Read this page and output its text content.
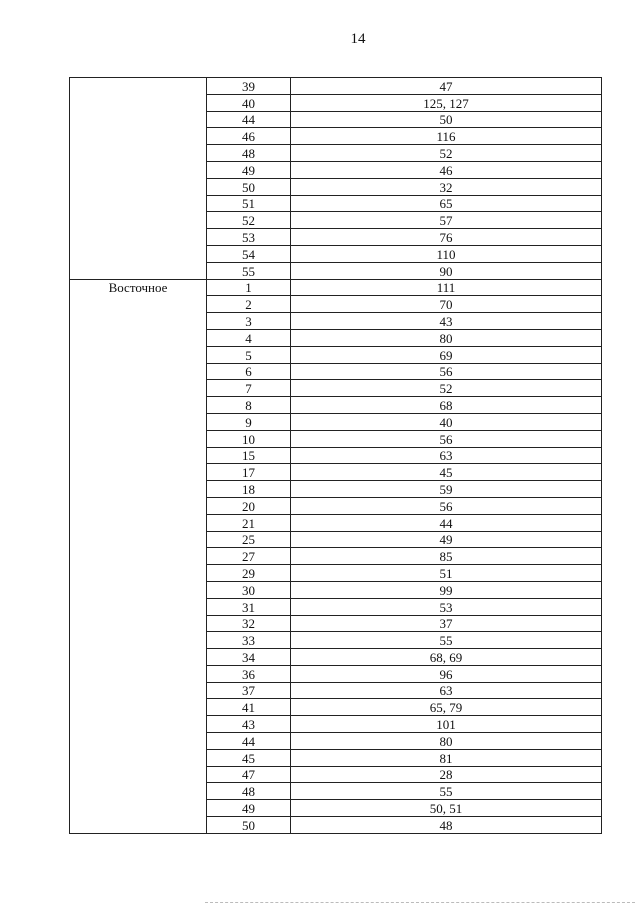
14
	39	47
	40	125, 127
	44	50
	46	116
	48	52
	49	46
	50	32
	51	65
	52	57
	53	76
	54	110
	55	90

Восточное	1	111
	2	70
	3	43
	4	80
	5	69
	6	56
	7	52
	8	68
	9	40
	10	56
	15	63
	17	45
	18	59
	20	56
	21	44
	25	49
	27	85
	29	51
	30	99
	31	53
	32	37
	33	55
	34	68, 69
	36	96
	37	63
	41	65, 79
	43	101
	44	80
	45	81
	47	28
	48	55
	49	50, 51
	50	48
